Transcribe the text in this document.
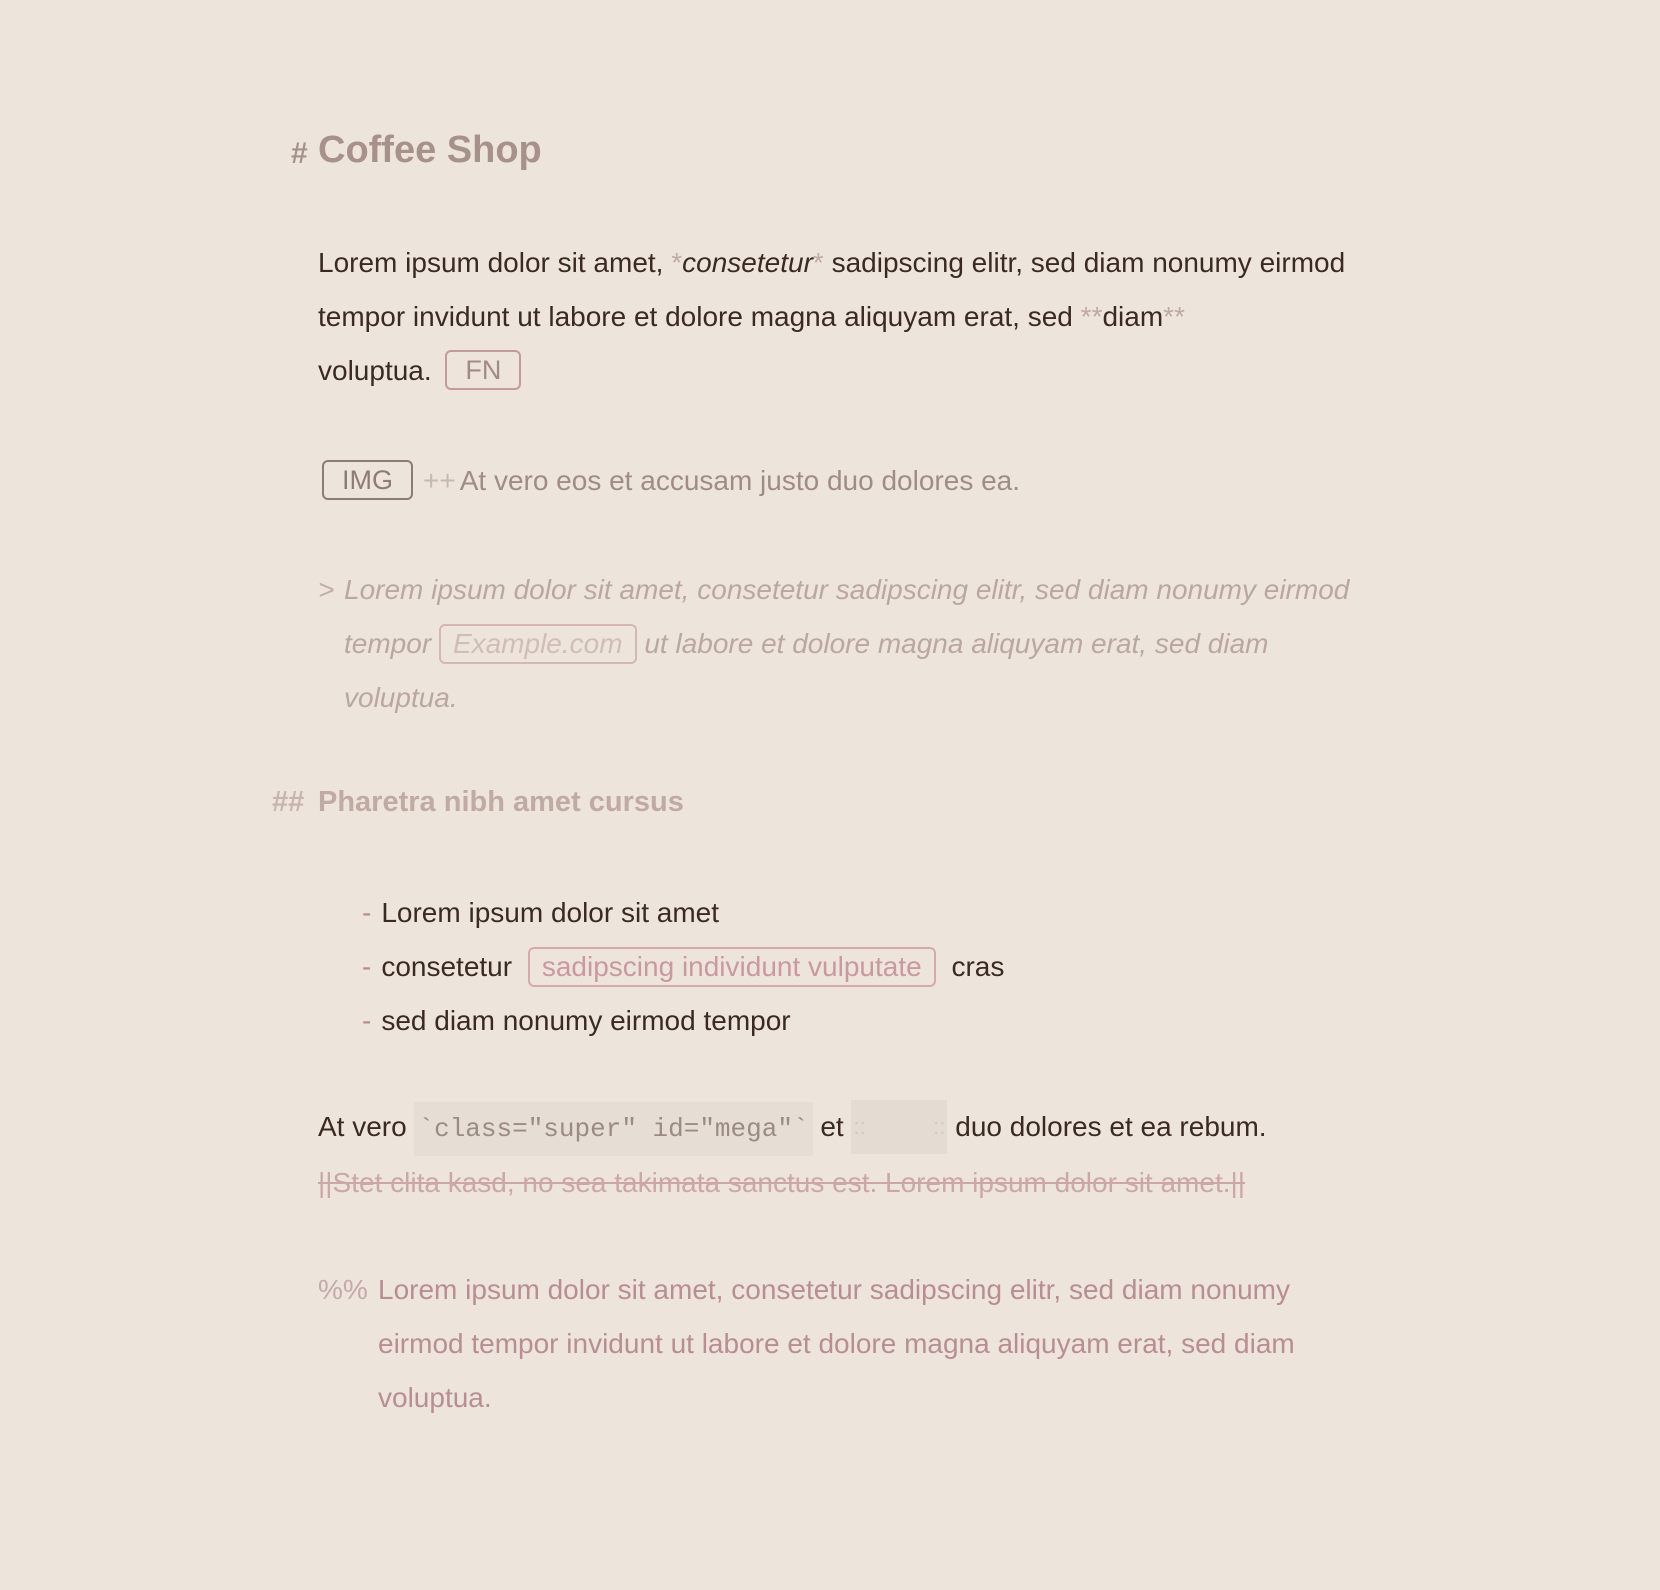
# Coffee Shop
Lorem ipsum dolor sit amet, *consetetur* sadipscing elitr, sed diam nonumy eirmod tempor invidunt ut labore et dolore magna aliquyam erat, sed **diam**
voluptua. FN
IMG ++ At vero eos et accusam justo duo dolores ea.
> Lorem ipsum dolor sit amet, consetetur sadipscing elitr, sed diam nonumy eirmod tempor Example.com ut labore et dolore magna aliquyam erat, sed diam voluptua.
## Pharetra nibh amet cursus
- Lorem ipsum dolor sit amet
- consetetur sadipscing individunt vulputate cras
- sed diam nonumy eirmod tempor
At vero `class="super" id="mega"` et ::	:: duo dolores et ea rebum.
||Stet clita kasd, no sea takimata sanctus est. Lorem ipsum dolor sit amet.||
%% Lorem ipsum dolor sit amet, consetetur sadipscing elitr, sed diam nonumy eirmod tempor invidunt ut labore et dolore magna aliquyam erat, sed diam voluptua.
